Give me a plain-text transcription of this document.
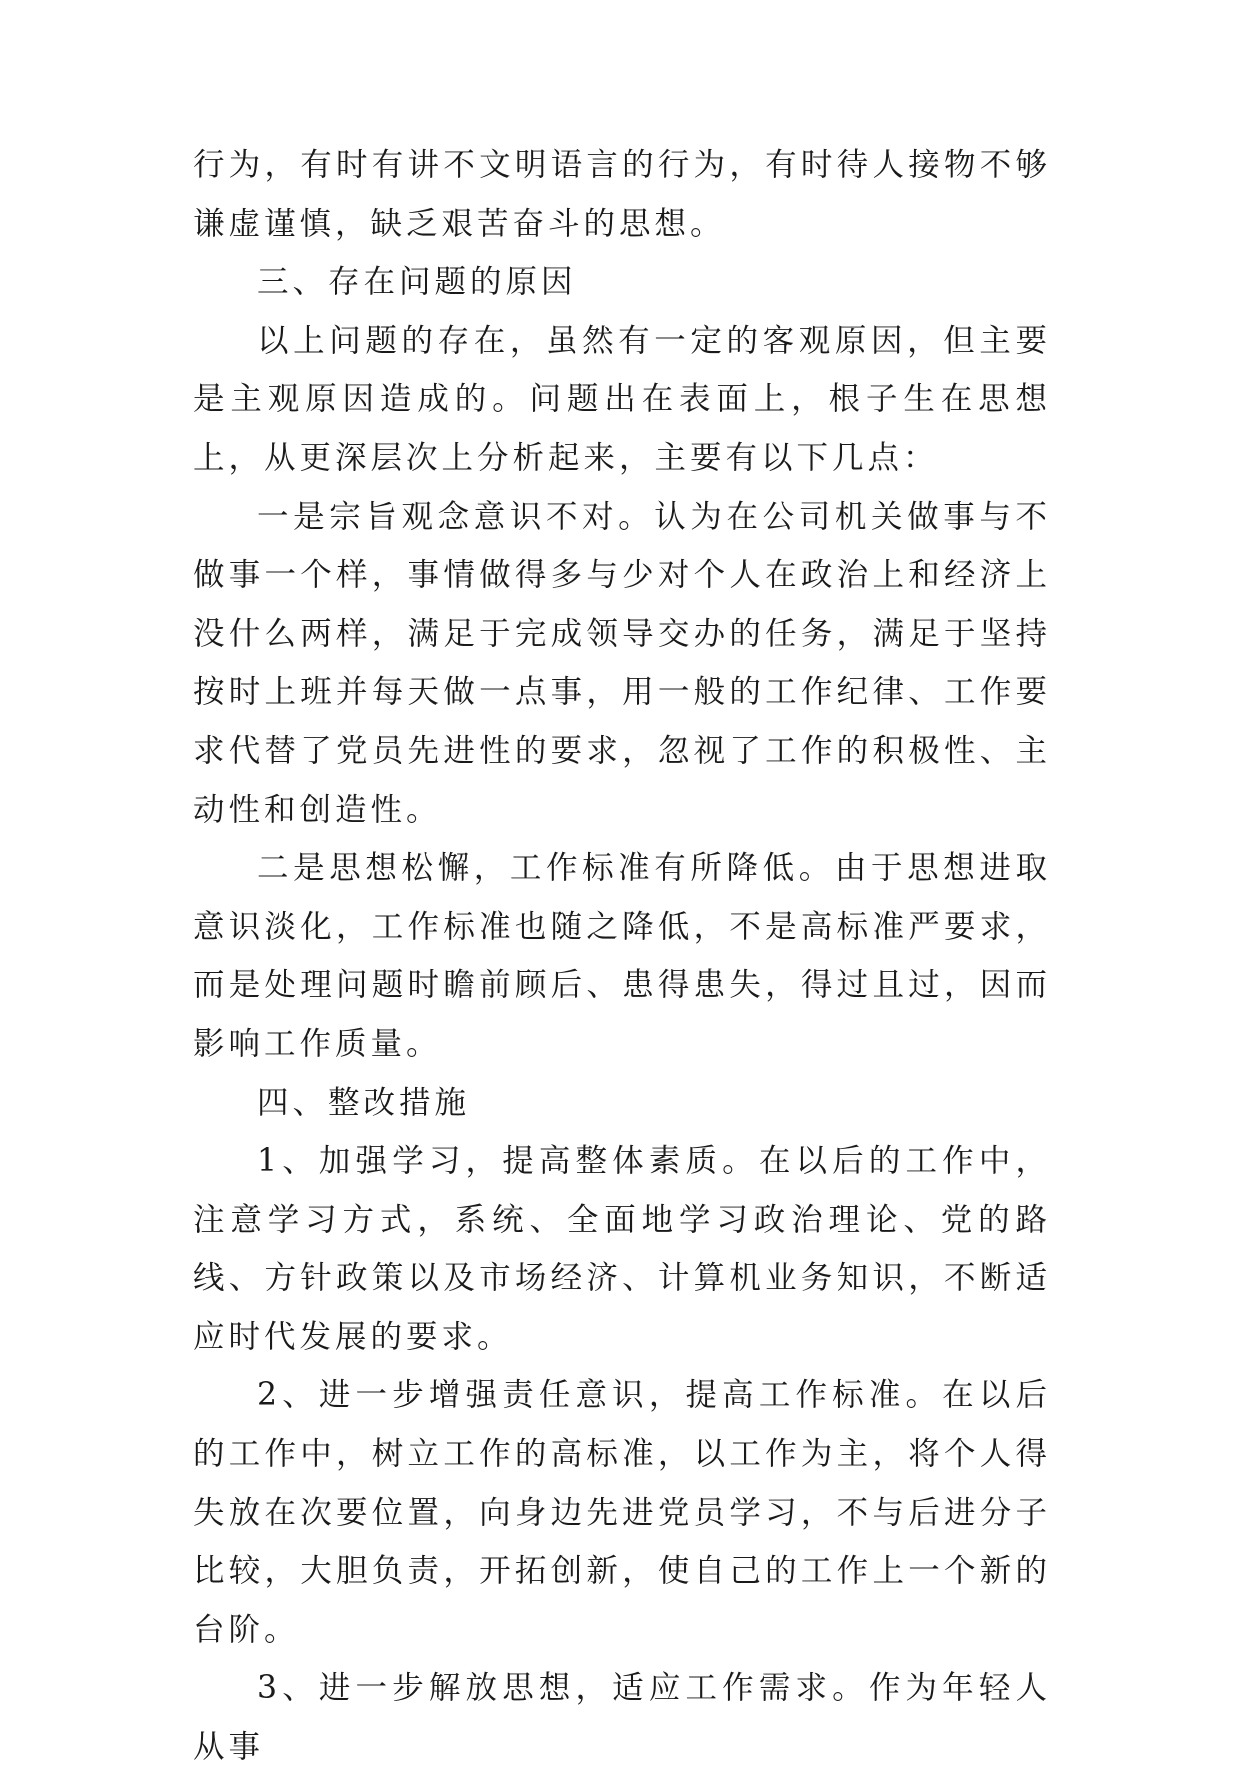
行为，有时有讲不文明语言的行为，有时待人接物不够谦虚谨慎，缺乏艰苦奋斗的思想。

三、存在问题的原因

以上问题的存在，虽然有一定的客观原因，但主要是主观原因造成的。问题出在表面上，根子生在思想上，从更深层次上分析起来，主要有以下几点：

一是宗旨观念意识不对。认为在公司机关做事与不做事一个样，事情做得多与少对个人在政治上和经济上没什么两样，满足于完成领导交办的任务，满足于坚持按时上班并每天做一点事，用一般的工作纪律、工作要求代替了党员先进性的要求，忽视了工作的积极性、主动性和创造性。

二是思想松懈，工作标准有所降低。由于思想进取意识淡化，工作标准也随之降低，不是高标准严要求，而是处理问题时瞻前顾后、患得患失，得过且过，因而影响工作质量。

四、整改措施

1、加强学习，提高整体素质。在以后的工作中，注意学习方式，系统、全面地学习政治理论、党的路线、方针政策以及市场经济、计算机业务知识，不断适应时代发展的要求。

2、进一步增强责任意识，提高工作标准。在以后的工作中，树立工作的高标准，以工作为主，将个人得失放在次要位置，向身边先进党员学习，不与后进分子比较，大胆负责，开拓创新，使自己的工作上一个新的台阶。

3、进一步解放思想，适应工作需求。作为年轻人从事
